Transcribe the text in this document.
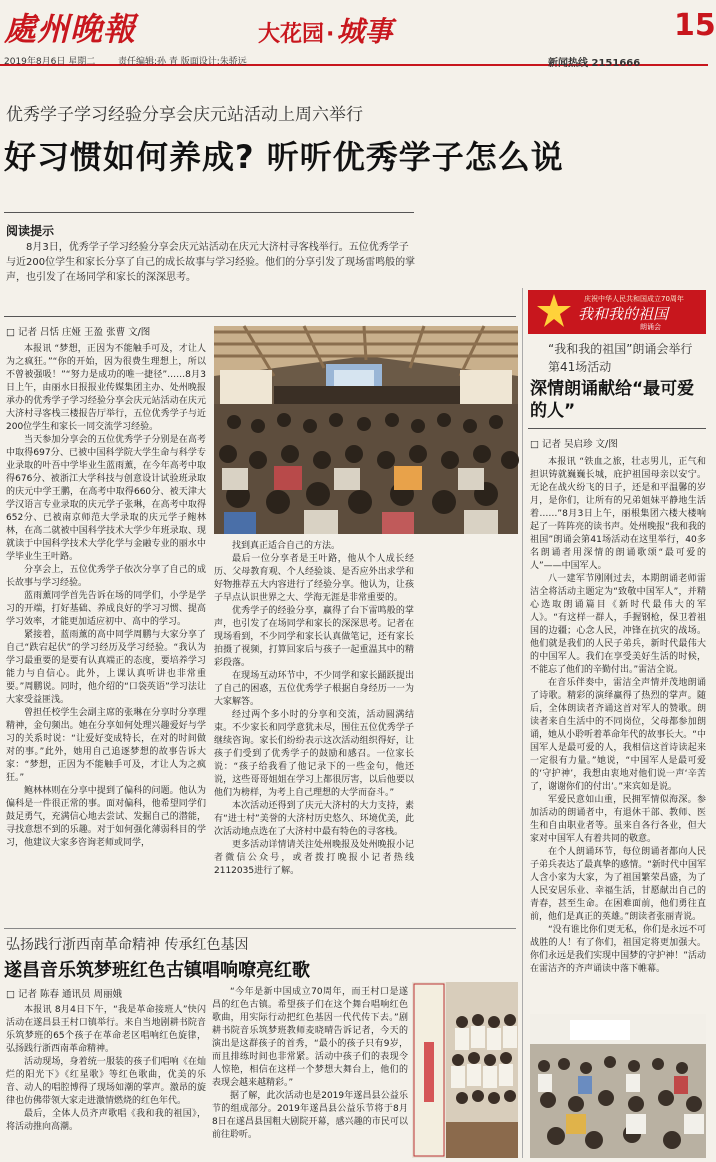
處州晚報	大花园·城事	15
2019年8月6日 星期二	责任编辑:孙 青 版面设计:朱骄远	新闻热线 2151666
优秀学子学习经验分享会庆元站活动上周六举行
好习惯如何养成? 听听优秀学子怎么说
阅读提示
8月3日，优秀学子学习经验分享会庆元站活动在庆元大济村寻客栈举行。五位优秀学子与近200位学生和家长分享了自己的成长故事与学习经验。他们的分享引发了现场雷鸣般的掌声，也引发了在场同学和家长的深深思考。
□ 记者 吕恬 庄娅 王盈 张曹 文/图

本报讯 “梦想，正因为不能触手可及，才让人为之疯狂。”“你的开始，因为很费生理想上，所以不曾被强吸！”“努力是成功的唯一捷径”……8月3日上午，由丽水日报报业传媒集团主办、处州晚报承办的优秀学子学习经验分享会庆元站活动在庆元大济村寻客栈三楼报告厅举行，五位优秀学子与近200位学生和家长一同交流学习经验。

当天参加分享会的五位优秀学子分别是在高考中取得697分、已被中国科学院大学生命与科学专业录取的叶吾中学毕业生蓝雨薰，在今年高考中取得676分、被浙江大学科技与创意设计试验班录取的庆元中学王鹏，在高考中取得660分、被天津大学汉语言专业录取的庆元学子张琳，在高考中取得652分、已被南京师范大学录取的庆元学子鲍林林，在高二就被中国科学技术大学少年班录取、现就读于中国科学技术大学化学与金融专业的丽水中学毕业生王叶路。

分享会上，五位优秀学子依次分享了自己的成长故事与学习经验。

蓝雨薰同学首先告诉在场的同学们，小学是学习的开端，打好基础、养成良好的学习习惯、提高学习效率，才能更加适应初中、高中的学习。

紧接着，蓝雨薰的高中同学周鹏与大家分享了自己“跌宕起伏”的学习经历及学习经验。“我认为学习最重要的是要有认真端正的态度，要培养学习能力与自信心。此外，上课认真听讲也非常重要。”周鹏说。同时，他介绍的“口袋英语”学习法让大家受益匪浅。

曾担任校学生会副主席的张琳在分享时分享理精神，金句频出。她在分享如何处理兴趣爱好与学习的关系时说：“让爱好变成特长，在对的时间做对的事。”此外，她用自己追逐梦想的故事告诉大家：“梦想，正因为不能触手可及，才让人为之疯狂。”

鲍林林则在分享中提到了偏科的问题。他认为偏科是一件很正常的事。面对偏科，他希望同学们鼓足勇气，充满信心地去尝试、发掘自己的潜能，寻找意想不到的乐趣。对于如何强化薄弱科目的学习，他建议大家多咨询老师或同学，

找到真正适合自己的方法。

最后一位分享者是王叶路，他从个人成长经历、父母教育观、个人经验谈、是否应外出求学和好物推荐五大内容进行了经验分享。他认为，让孩子早点认识世界之大、学海无涯是非常重要的。

优秀学子的经验分享，赢得了台下雷鸣般的掌声，也引发了在场同学和家长的深深思考。记者在现场看到，不少同学和家长认真做笔记，还有家长拍摄了视频，打算回家后与孩子一起重温其中的精彩段落。

在现场互动环节中，不少同学和家长踊跃提出了自己的困惑，五位优秀学子根据自身经历一一为大家解答。

经过两个多小时的分享和交流，活动圆满结束。不少家长和同学意犹未尽，围住五位优秀学子继续咨询。家长们纷纷表示这次活动组织得好，让孩子们受到了优秀学子的鼓励和感召。一位家长说：“孩子给我看了他记录下的一些金句，他还说，这些哥哥姐姐在学习上都很厉害，以后他要以他们为榜样，为考上自己理想的大学而奋斗。”

本次活动还得到了庆元大济村的大力支持，素有“进士村”美誉的大济村历史悠久、环境优美，此次活动地点选在了大济村中最有特色的寻客栈。

更多活动详情请关注处州晚报及处州晚报小记者微信公众号，或者拨打晚报小记者热线2112035进行了解。

弘扬践行浙西南革命精神 传承红色基因
遂昌音乐筑梦班红色古镇唱响嘹亮红歌
□ 记者 陈春 通讯员 周丽娥

本报讯 8月4日下午，“我是革命接班人”快闪活动在遂昌县王村口镇举行。来自当地剧耕书院音乐筑梦班的65个孩子在革命老区唱响红色旋律，弘扬践行浙西南革命精神。

活动现场，身着统一服装的孩子们唱响《在灿烂的阳光下》《红星歌》等红色歌曲，优美的乐音、动人的唱腔博得了现场如潮的掌声。激昂的旋律也仿佛带领大家走进激情燃烧的红色年代。

最后，全体人员齐声歌唱《我和我的祖国》，将活动推向高潮。

“今年是新中国成立70周年，而王村口是遂昌的红色古镇。希望孩子们在这个舞台唱响红色歌曲，用实际行动把红色基因一代代传下去。”剧耕书院音乐筑梦班教师麦晓晴告诉记者，今天的演出是这群孩子的首秀，“最小的孩子只有9岁，而且排练时间也非常紧。活动中孩子们的表现令人惊艳，相信在这样一个梦想大舞台上，他们的表现会越来越精彩。”

据了解，此次活动也是2019年遂昌县公益乐节的组成部分。2019年遂昌县公益乐节将于8月8日在遂昌县国粗大剧院开幕，感兴趣的市民可以前往聆听。

庆祝中华人民共和国成立70周年
我和我的祖国
朗诵会
“我和我的祖国”朗诵会举行第41场活动
深情朗诵献给“最可爱的人”
□ 记者 吴启珍 文/图

本报讯 “铁血之旅，壮志男儿，正气和担识铸就巍巍长城，庇护祖国母亲以安宁。无论在战火纷飞的日子，还是和平温馨的岁月，是你们，让所有的兄弟姐妹平静地生活着……”8月3日上午，丽根集团六楼大楼响起了一阵阵亮的读书声。处州晚报“我和我的祖国”朗诵会第41场活动在这里举行，40多名朗诵者用深情的朗诵歌颂“最可爱的人”——中国军人。

八一建军节刚刚过去，本期朗诵老师雷洁全将活动主题定为“致敬中国军人”，并精心选取朗诵篇目《新时代最伟大的军人》。“有这样一群人，手握钢枪，保卫着祖国的边疆；心念人民，冲锋在抗灾的战场。他们就是我们的人民子弟兵，新时代最伟大的中国军人。我们在享受美好生活的时候，不能忘了他们的辛勤付出。”雷洁全说。

在音乐伴奏中，雷洁全声情并茂地朗诵了诗歌。精彩的演绎赢得了热烈的掌声。随后，全体朗读者齐诵这首对军人的赞歌。朗读者来自生活中的不同岗位，父母都参加朗诵，她从小聆听着革命年代的故事长大。“中国军人是最可爱的人，我相信这首诗读起来一定很有力量。”她说，“中国军人是最可爱的‘守护神’，我想由衷地对他们说一声‘辛苦了，谢谢你们的付出’。”来宾如是说。

军爱民意如山重，民拥军情似海深。参加活动的朗诵者中，有退休干部、教师、医生和自由职业者等。虽来自各行各业，但大家对中国军人有着共同的敬意。

在个人朗诵环节，每位朗诵者都向人民子弟兵表达了最真挚的感情。“新时代中国军人含小家为大家，为了祖国繁荣昌盛，为了人民安居乐业、幸福生活，甘愿献出自己的青春，甚至生命。在困难面前，他们勇往直前，他们是真正的英雄。”朗读者张丽青说。

“没有谁比你们更无私，你们是永远不可战胜的人！有了你们，祖国定将更加强大。你们永远是我们实现中国梦的守护神！”活动在雷洁齐的齐声诵读中落下帷幕。
